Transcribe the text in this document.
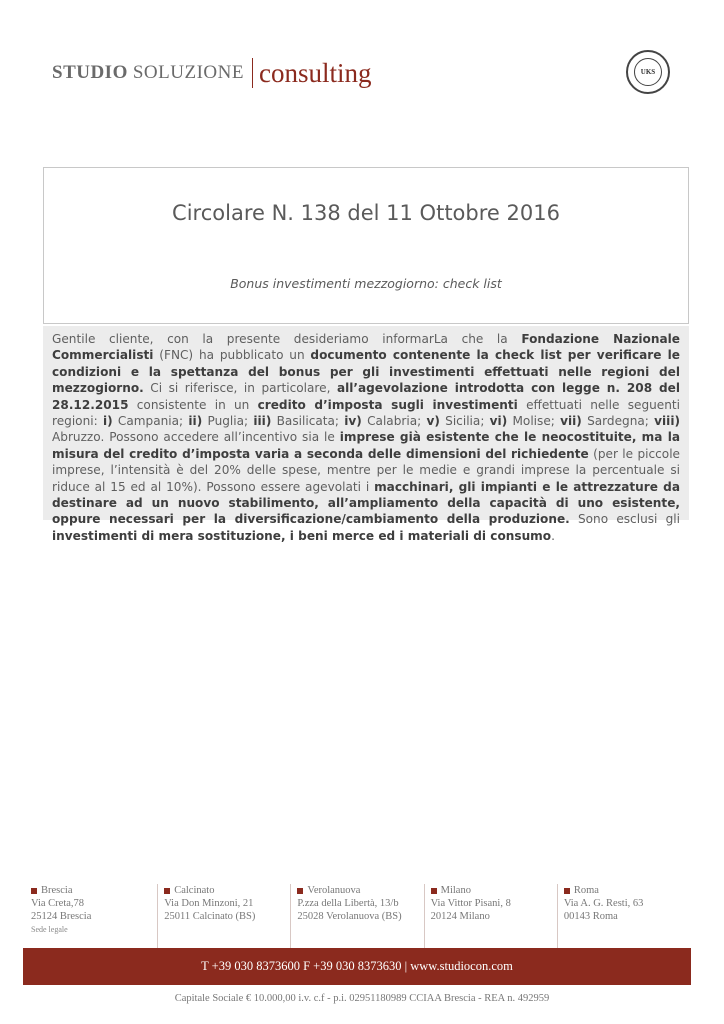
STUDIO SOLUZIONE consulting	UKS
Circolare N. 138 del 11 Ottobre 2016
Bonus investimenti mezzogiorno: check list

Gentile cliente, con la presente desideriamo informarLa che la Fondazione Nazionale Commercialisti (FNC) ha pubblicato un documento contenente la check list per verificare le condizioni e la spettanza del bonus per gli investimenti effettuati nelle regioni del mezzogiorno. Ci si riferisce, in particolare, all’agevolazione introdotta con legge n. 208 del 28.12.2015 consistente in un credito d’imposta sugli investimenti effettuati nelle seguenti regioni: i) Campania; ii) Puglia; iii) Basilicata; iv) Calabria; v) Sicilia; vi) Molise; vii) Sardegna; viii) Abruzzo. Possono accedere all’incentivo sia le imprese già esistente che le neocostituite, ma la misura del credito d’imposta varia a seconda delle dimensioni del richiedente (per le piccole imprese, l’intensità è del 20% delle spese, mentre per le medie e grandi imprese la percentuale si riduce al 15 ed al 10%). Possono essere agevolati i macchinari, gli impianti e le attrezzature da destinare ad un nuovo stabilimento, all’ampliamento della capacità di uno esistente, oppure necessari per la diversificazione/cambiamento della produzione. Sono esclusi gli investimenti di mera sostituzione, i beni merce ed i materiali di consumo.

Brescia
Via Creta,78
25124 Brescia
Sede legale
Calcinato
Via Don Minzoni, 21
25011 Calcinato (BS)
Verolanuova
P.zza della Libertà, 13/b
25028 Verolanuova (BS)
Milano
Via Vittor Pisani, 8
20124 Milano
Roma
Via A. G. Resti, 63
00143 Roma
T +39 030 8373600 F +39 030 8373630 | www.studiocon.com
Capitale Sociale € 10.000,00 i.v. c.f - p.i. 02951180989 CCIAA Brescia - REA n. 492959
